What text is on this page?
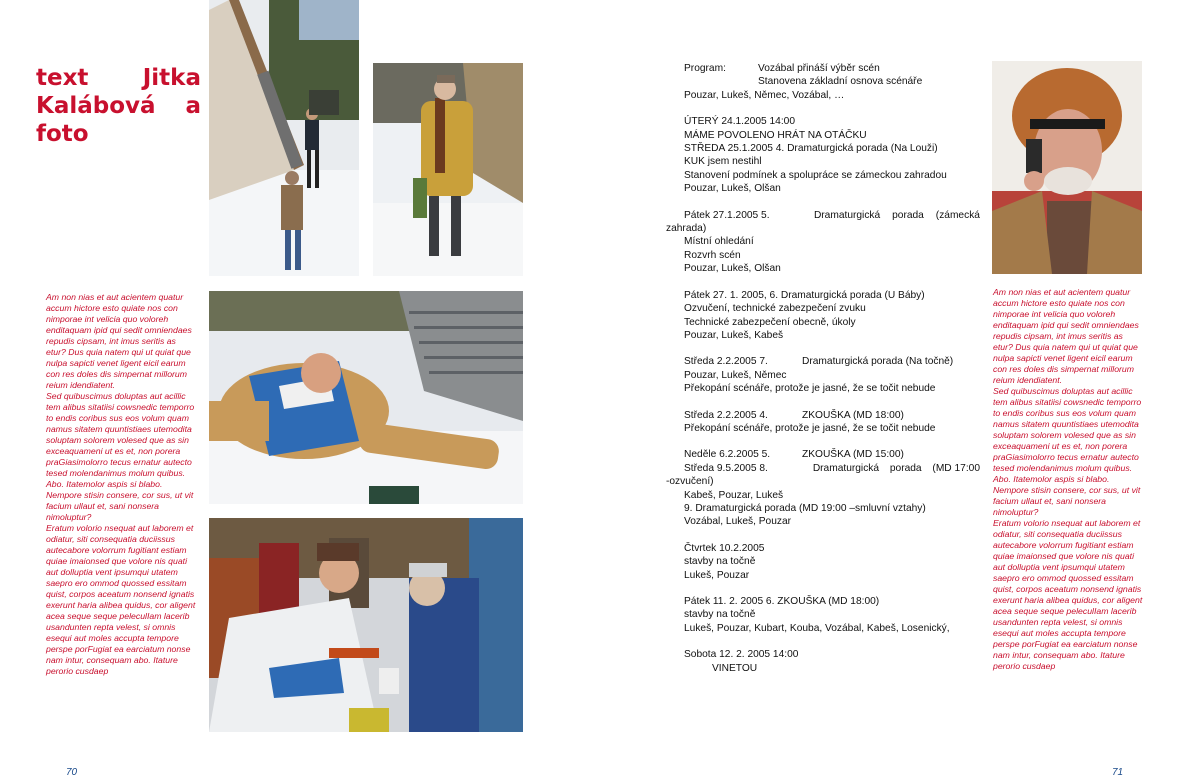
text Jitka Kalábová a foto

Am non nias et aut acientem quatur accum hictore esto quiate nos con nimporae int velicia quo voloreh enditaquam ipid qui sedit omniendaes repudis cipsam, int imus seritis as etur? Dus quia natem qui ut quiat que nulpa sapicti venet ligent eicil earum con res doles dis simpernat millorum reium idendiatent.

Sed quibuscimus doluptas aut acillic tem alibus sitatiisi cowsnedic temporro to endis coribus sus eos volum quam namus sitatem quuntistiaes utemodita soluptam solorem volesed que as sin exceaquameni ut es et, non porera praGiasimolorro tecus ernatur autecto tesed molendanimus molum quibus.

Abo. Itatemolor aspis si blabo. Nempore stisin consere, cor sus, ut vit facium ullaut et, sani nonsera nimoluptur?

Eratum volorio nsequat aut laborem et odiatur, siti consequatia duciissus autecabore volorrum fugitiant estiam quiae imaionsed que volore nis quati aut dolluptia vent ipsumqui utatem saepro ero ommod quossed essitam quist, corpos aceatum nonsend ignatis exerunt haria alibea quidus, cor aligent acea seque seque peleculIam lacerib usandunten repta velest, si omnis esequi aut moles accupta tempore perspe porFugiat ea earciatum nonse nam intur, consequam abo. Itature perorio cusdaep

70
Program:	Vozábal přináší výběr scén
Stanovena základní osnova scénáře
Pouzar, Lukeš, Němec, Vozábal, …
ÚTERÝ 24.1.2005 14:00
MÁME POVOLENO HRÁT NA OTÁČKU
STŘEDA 25.1.2005 4. Dramaturgická porada (Na Louži)
KUK jsem nestihl
Stanovení podmínek a spolupráce se zámeckou zahradou
Pouzar, Lukeš, Olšan
Pátek 27.1.2005 5.	Dramaturgická porada (zámecká
zahrada)
Místní ohledání
Rozvrh scén
Pouzar, Lukeš, Olšan
Pátek 27. 1. 2005, 6. Dramaturgická porada (U Báby)
Ozvučení, technické zabezpečení zvuku
Technické zabezpečení obecně, úkoly
Pouzar, Lukeš, Kabeš
Středa 2.2.2005 7.	Dramaturgická porada (Na točně)
Pouzar, Lukeš, Němec
Překopání scénáře, protože je jasné, že se točit nebude
Středa 2.2.2005 4.	ZKOUŠKA (MD 18:00)
Překopání scénáře, protože je jasné, že se točit nebude
Neděle 6.2.2005 5.	ZKOUŠKA (MD 15:00)
Středa 9.5.2005 8.	Dramaturgická porada (MD 17:00
-ozvučení)
Kabeš, Pouzar, Lukeš
9. Dramaturgická porada (MD 19:00 –smluvní vztahy)
Vozábal, Lukeš, Pouzar
Čtvrtek 10.2.2005
stavby na točně
Lukeš, Pouzar
Pátek 11. 2. 2005 6. ZKOUŠKA (MD 18:00)
stavby na točně
Lukeš, Pouzar, Kubart, Kouba, Vozábal, Kabeš, Losenický,
Sobota 12. 2. 2005 14:00
VINETOU

Am non nias et aut acientem quatur accum hictore esto quiate nos con nimporae int velicia quo voloreh enditaquam ipid qui sedit omniendaes repudis cipsam, int imus seritis as etur? Dus quia natem qui ut quiat que nulpa sapicti venet ligent eicil earum con res doles dis simpernat millorum reium idendiatent.

Sed quibuscimus doluptas aut acillic tem alibus sitatiisi cowsnedic temporro to endis coribus sus eos volum quam namus sitatem quuntistiaes utemodita soluptam solorem volesed que as sin exceaquameni ut es et, non porera praGiasimolorro tecus ernatur autecto tesed molendanimus molum quibus.

Abo. Itatemolor aspis si blabo. Nempore stisin consere, cor sus, ut vit facium ullaut et, sani nonsera nimoluptur?

Eratum volorio nsequat aut laborem et odiatur, siti consequatia duciissus autecabore volorrum fugitiant estiam quiae imaionsed que volore nis quati aut dolluptia vent ipsumqui utatem saepro ero ommod quossed essitam quist, corpos aceatum nonsend ignatis exerunt haria alibea quidus, cor aligent acea seque seque peleculIam lacerib usandunten repta velest, si omnis esequi aut moles accupta tempore perspe porFugiat ea earciatum nonse nam intur, consequam abo. Itature perorio cusdaep

71
